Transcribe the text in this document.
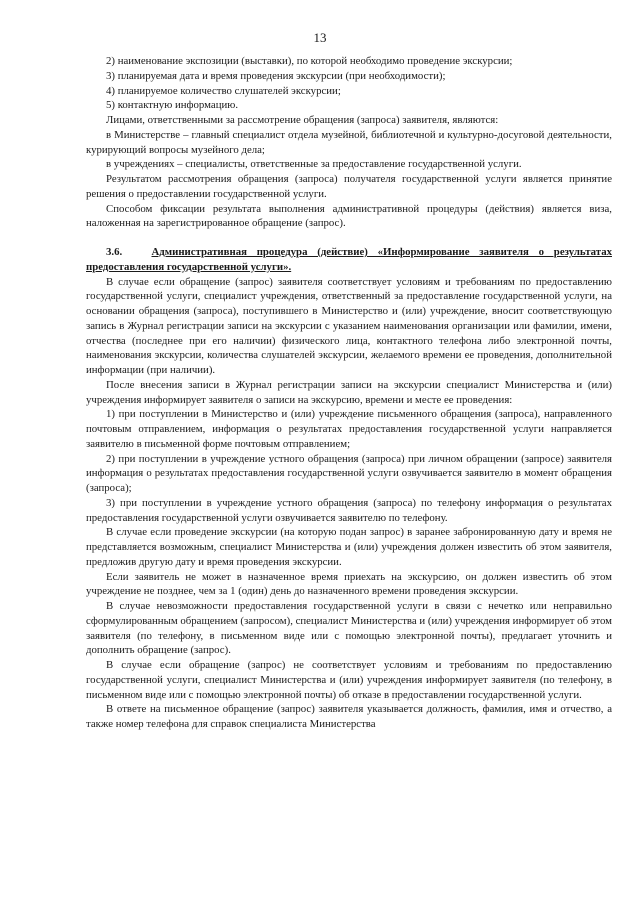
13

2) наименование экспозиции (выставки), по которой необходимо проведение экскурсии;

3) планируемая дата и время проведения экскурсии (при необходимости);

4) планируемое количество слушателей экскурсии;

5) контактную информацию.

Лицами, ответственными за рассмотрение обращения (запроса) заявителя, являются:

в Министерстве – главный специалист отдела музейной, библиотечной и культурно-досуговой деятельности, курирующий вопросы музейного дела;

в учреждениях – специалисты, ответственные за предоставление государственной услуги.

Результатом рассмотрения обращения (запроса) получателя государственной услуги является принятие решения о предоставлении государственной услуги.

Способом фиксации результата выполнения административной процедуры (действия) является виза, наложенная на зарегистрированное обращение (запрос).

3.6.	Административная процедура (действие) «Информирование заявителя о результатах предоставления государственной услуги».

В случае если обращение (запрос) заявителя соответствует условиям и требованиям по предоставлению государственной услуги, специалист учреждения, ответственный за предоставление государственной услуги, на основании обращения (запроса), поступившего в Министерство и (или) учреждение, вносит соответствующую запись в Журнал регистрации записи на экскурсии с указанием наименования организации или фамилии, имени, отчества (последнее при его наличии) физического лица, контактного телефона либо электронной почты, наименования экскурсии, количества слушателей экскурсии, желаемого времени ее проведения, дополнительной информации (при наличии).

После внесения записи в Журнал регистрации записи на экскурсии специалист Министерства и (или) учреждения информирует заявителя о записи на экскурсию, времени и месте ее проведения:

1) при поступлении в Министерство и (или) учреждение письменного обращения (запроса), направленного почтовым отправлением, информация о результатах предоставления государственной услуги направляется заявителю в письменной форме почтовым отправлением;

2) при поступлении в учреждение устного обращения (запроса) при личном обращении (запросе) заявителя информация о результатах предоставления государственной услуги озвучивается заявителю в момент обращения (запроса);

3) при поступлении в учреждение устного обращения (запроса) по телефону информация о результатах предоставления государственной услуги озвучивается заявителю по телефону.

В случае если проведение экскурсии (на которую подан запрос) в заранее забронированную дату и время не представляется возможным, специалист Министерства и (или) учреждения должен известить об этом заявителя, предложив другую дату и время проведения экскурсии.

Если заявитель не может в назначенное время приехать на экскурсию, он должен известить об этом учреждение не позднее, чем за 1 (один) день до назначенного времени проведения экскурсии.

В случае невозможности предоставления государственной услуги в связи с нечетко или неправильно сформулированным обращением (запросом), специалист Министерства и (или) учреждения информирует об этом заявителя (по телефону, в письменном виде или с помощью электронной почты), предлагает уточнить и дополнить обращение (запрос).

В случае если обращение (запрос) не соответствует условиям и требованиям по предоставлению государственной услуги, специалист Министерства и (или) учреждения информирует заявителя (по телефону, в письменном виде или с помощью электронной почты) об отказе в предоставлении государственной услуги.

В ответе на письменное обращение (запрос) заявителя указывается должность, фамилия, имя и отчество, а также номер телефона для справок специалиста Министерства
